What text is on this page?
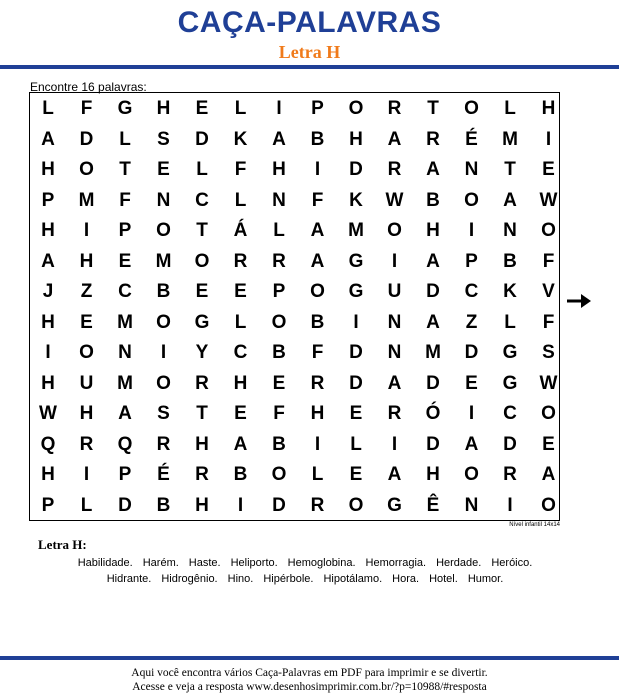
CAÇA-PALAVRAS
Letra H
Encontre 16 palavras:
L	F	G	H	E	L	I	P	O	R	T	O	L	H
A	D	L	S	D	K	A	B	H	A	R	É	M	I
H	O	T	E	L	F	H	I	D	R	A	N	T	E
P	M	F	N	C	L	N	F	K	W	B	O	A	W
H	I	P	O	T	Á	L	A	M	O	H	I	N	O
A	H	E	M	O	R	R	A	G	I	A	P	B	F
J	Z	C	B	E	E	P	O	G	U	D	C	K	V
H	E	M	O	G	L	O	B	I	N	A	Z	L	F
I	O	N	I	Y	C	B	F	D	N	M	D	G	S
H	U	M	O	R	H	E	R	D	A	D	E	G	W
W	H	A	S	T	E	F	H	E	R	Ó	I	C	O
Q	R	Q	R	H	A	B	I	L	I	D	A	D	E
H	I	P	É	R	B	O	L	E	A	H	O	R	A
P	L	D	B	H	I	D	R	O	G	Ê	N	I	O
Nível infantil 14x14
Letra H:
Habilidade. Harém. Haste. Heliporto. Hemoglobina. Hemorragia. Herdade. Heróico.
Hidrante. Hidrogênio. Hino. Hipérbole. Hipotálamo. Hora. Hotel. Humor.
Aqui você encontra vários Caça-Palavras em PDF para imprimir e se divertir.
Acesse e veja a resposta www.desenhosimprimir.com.br/?p=10988/#resposta
